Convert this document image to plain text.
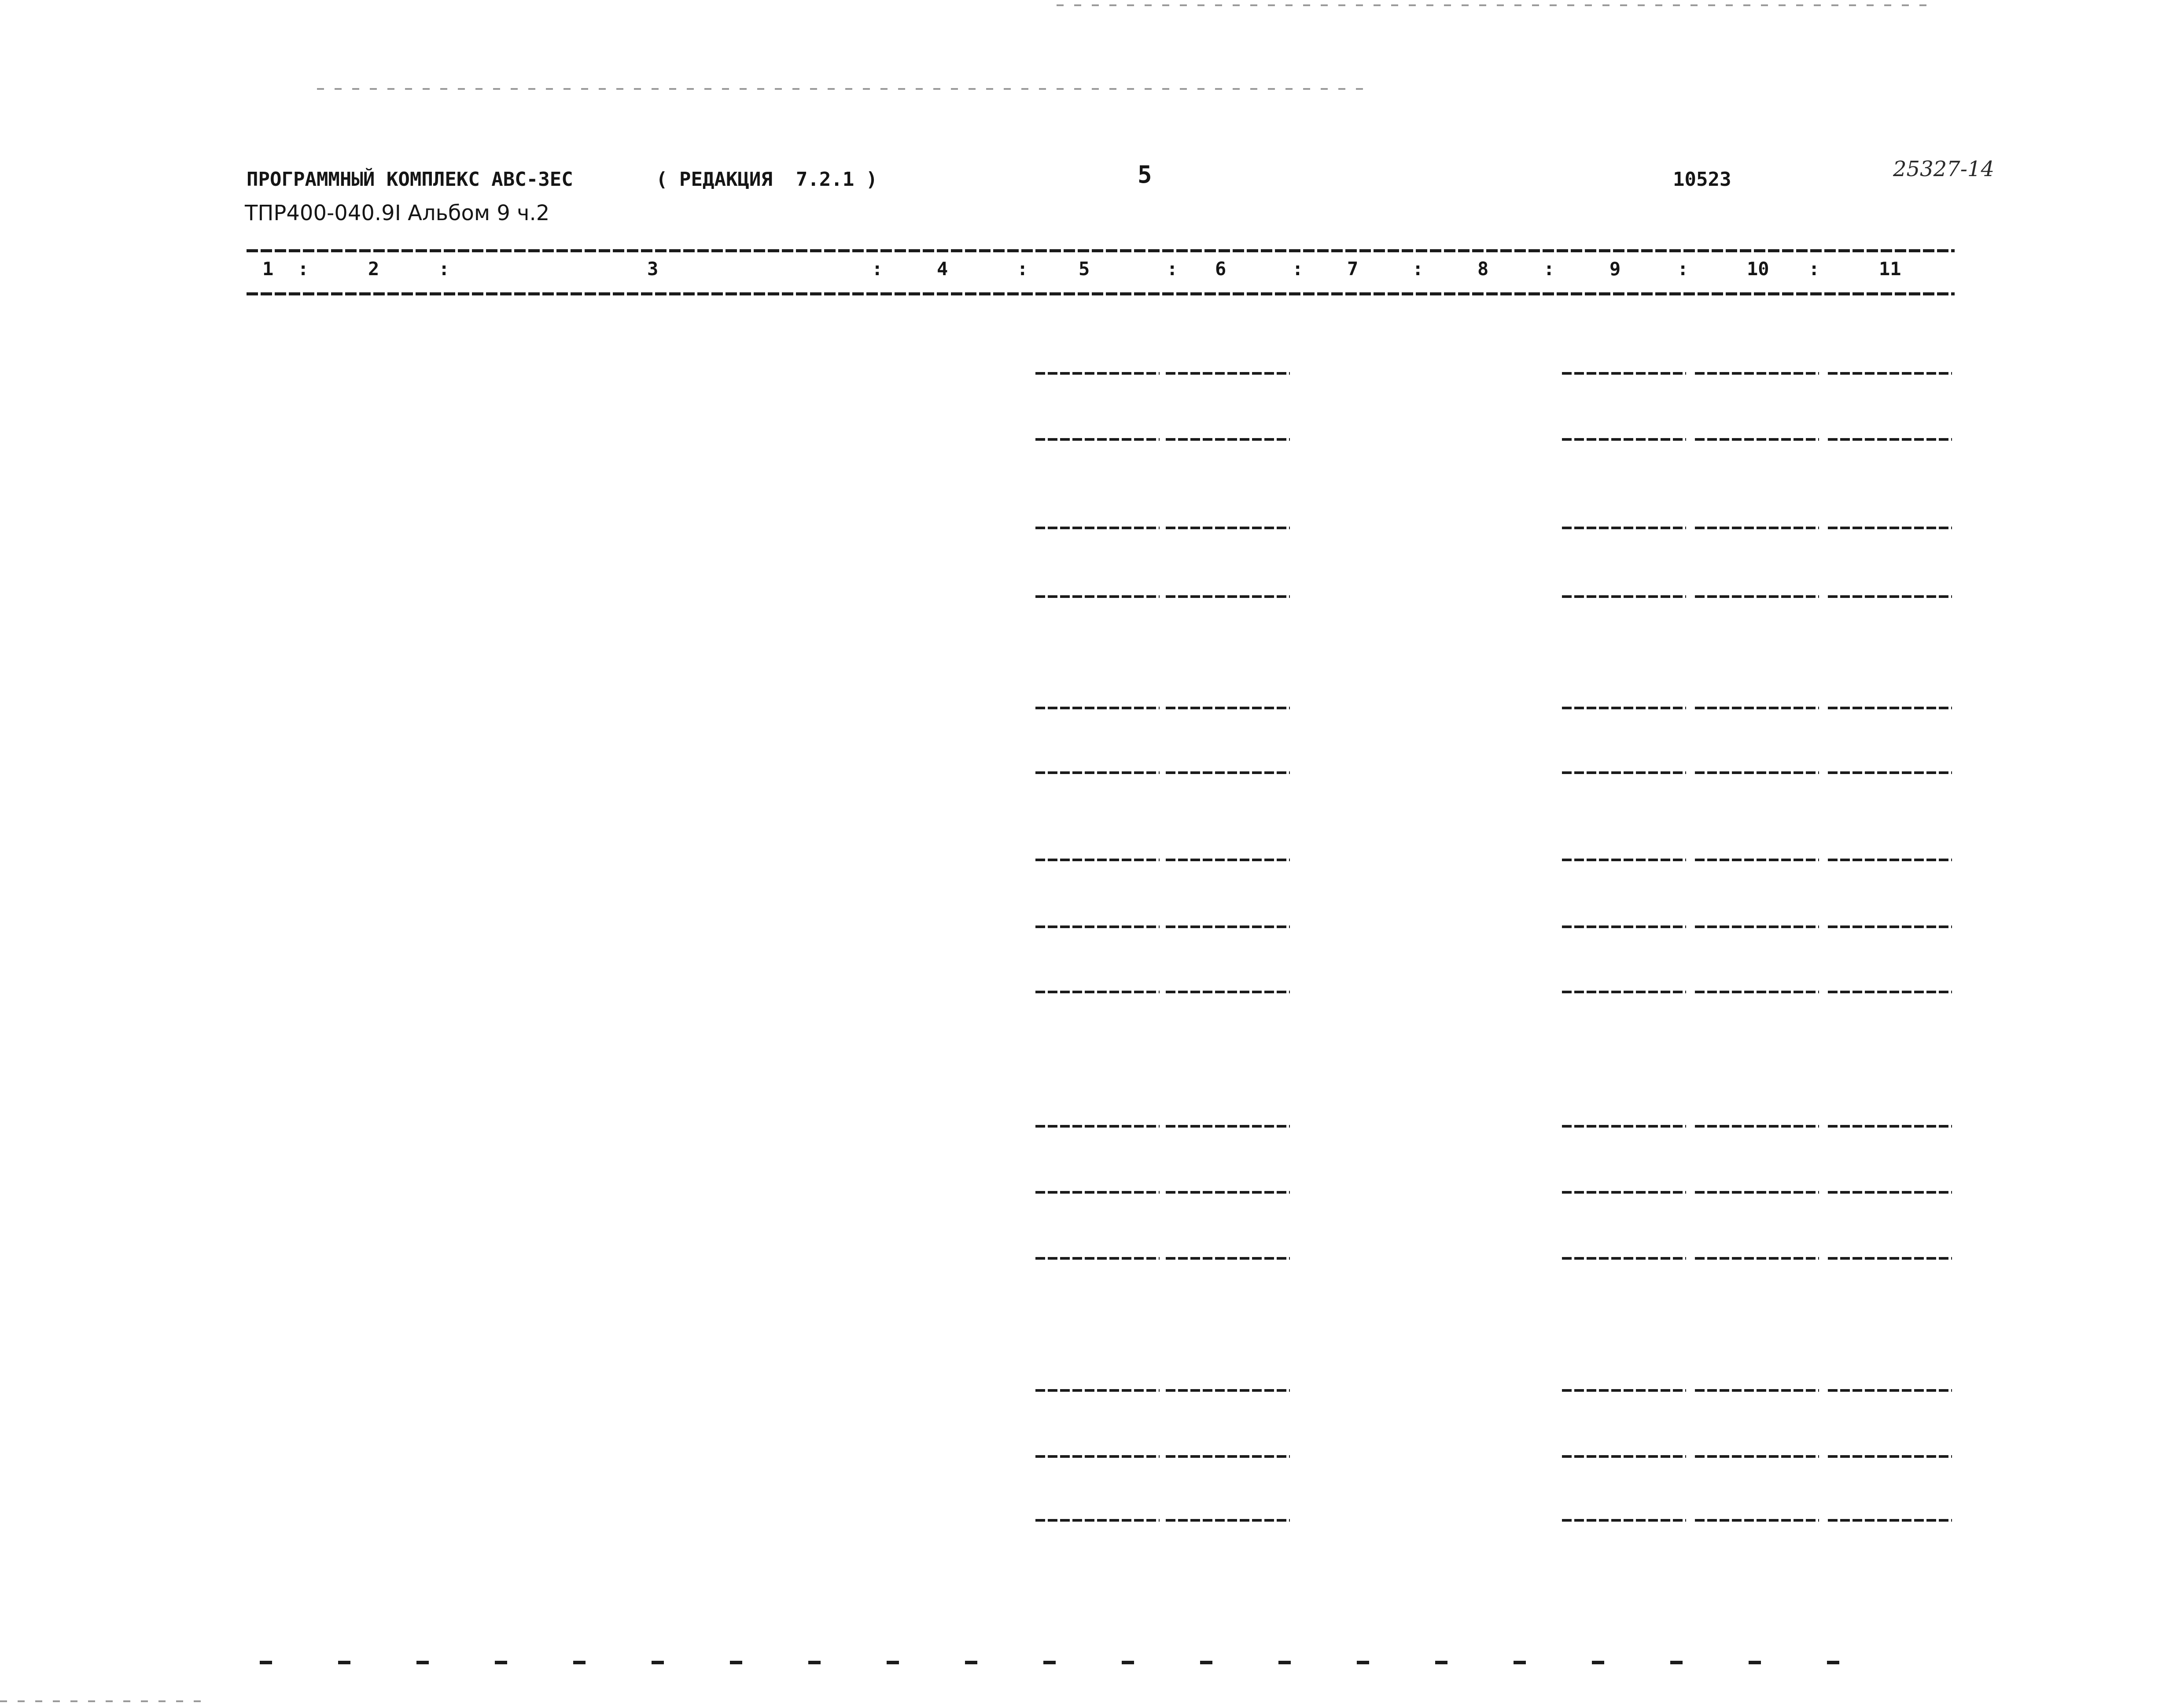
ПРОГРАММНЫЙ КОМПЛЕКС АВС-ЗЕС	( РЕДАКЦИЯ  7.2.1 )	5	10523	25327-14
ТПР400-040.9I Альбом 9 ч.2
1	2	3	4	5	6	7	8	9	10	11
:	:	:	:	:	:	:	:	:	:
